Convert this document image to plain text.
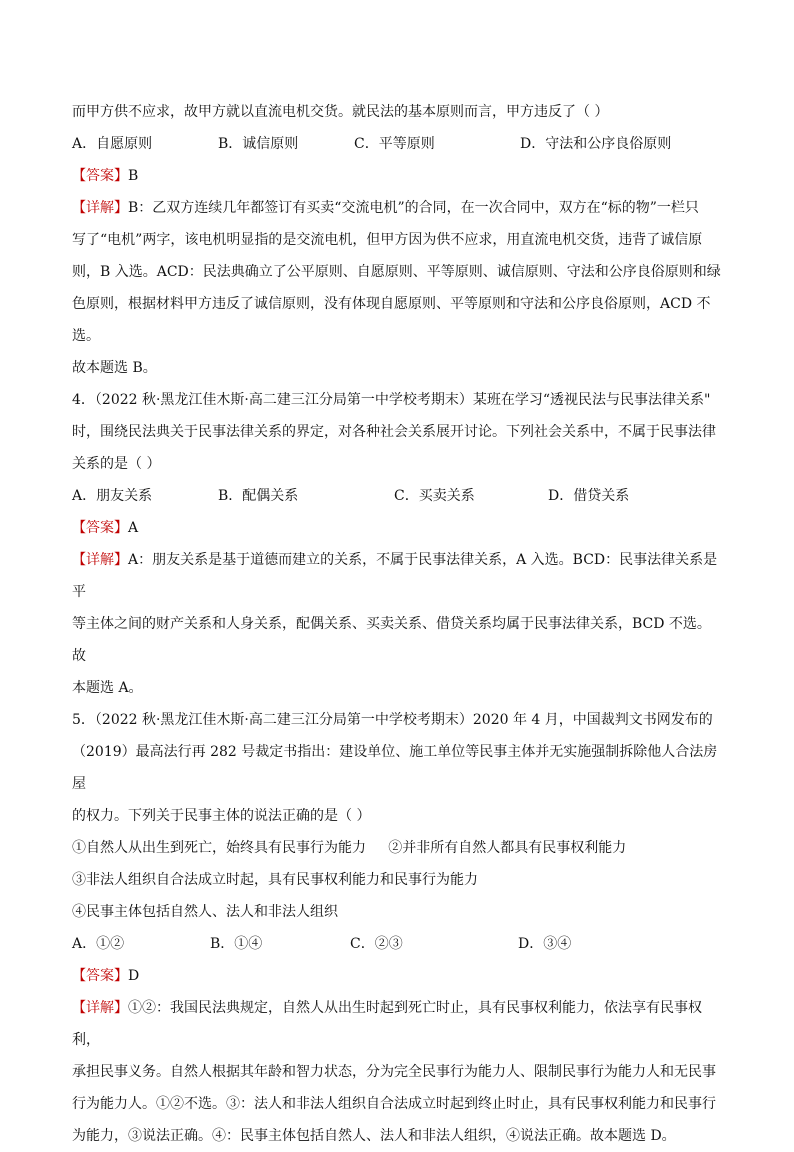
而甲方供不应求，故甲方就以直流电机交货。就民法的基本原则而言，甲方违反了（ ）
A．自愿原则	B．诚信原则	C．平等原则	D．守法和公序良俗原则
【答案】B
【详解】B：乙双方连续几年都签订有买卖“交流电机”的合同，在一次合同中，双方在“标的物”一栏只
写了“电机”两字，该电机明显指的是交流电机，但甲方因为供不应求，用直流电机交货，违背了诚信原
则，B 入选。ACD：民法典确立了公平原则、自愿原则、平等原则、诚信原则、守法和公序良俗原则和绿
色原则，根据材料甲方违反了诚信原则，没有体现自愿原则、平等原则和守法和公序良俗原则，ACD 不选。
故本题选 B。
4．（2022 秋·黑龙江佳木斯·高二建三江分局第一中学校考期末）某班在学习“透视民法与民事法律关系"
时，围绕民法典关于民事法律关系的界定，对各种社会关系展开讨论。下列社会关系中，不属于民事法律
关系的是（ ）
A．朋友关系	B．配偶关系	C．买卖关系	D．借贷关系
【答案】A
【详解】A：朋友关系是基于道德而建立的关系，不属于民事法律关系，A 入选。BCD：民事法律关系是平
等主体之间的财产关系和人身关系，配偶关系、买卖关系、借贷关系均属于民事法律关系，BCD 不选。故
本题选 A。
5．（2022 秋·黑龙江佳木斯·高二建三江分局第一中学校考期末）2020 年 4 月，中国裁判文书网发布的
（2019）最高法行再 282 号裁定书指出：建设单位、施工单位等民事主体并无实施强制拆除他人合法房屋
的权力。下列关于民事主体的说法正确的是（ ）
①自然人从出生到死亡，始终具有民事行为能力     ②并非所有自然人都具有民事权利能力
③非法人组织自合法成立时起，具有民事权利能力和民事行为能力
④民事主体包括自然人、法人和非法人组织
A．①②	B．①④	C．②③	D．③④
【答案】D
【详解】①②：我国民法典规定，自然人从出生时起到死亡时止，具有民事权利能力，依法享有民事权利，
承担民事义务。自然人根据其年龄和智力状态，分为完全民事行为能力人、限制民事行为能力人和无民事
行为能力人。①②不选。③：法人和非法人组织自合法成立时起到终止时止，具有民事权利能力和民事行
为能力，③说法正确。④：民事主体包括自然人、法人和非法人组织，④说法正确。故本题选 D。
